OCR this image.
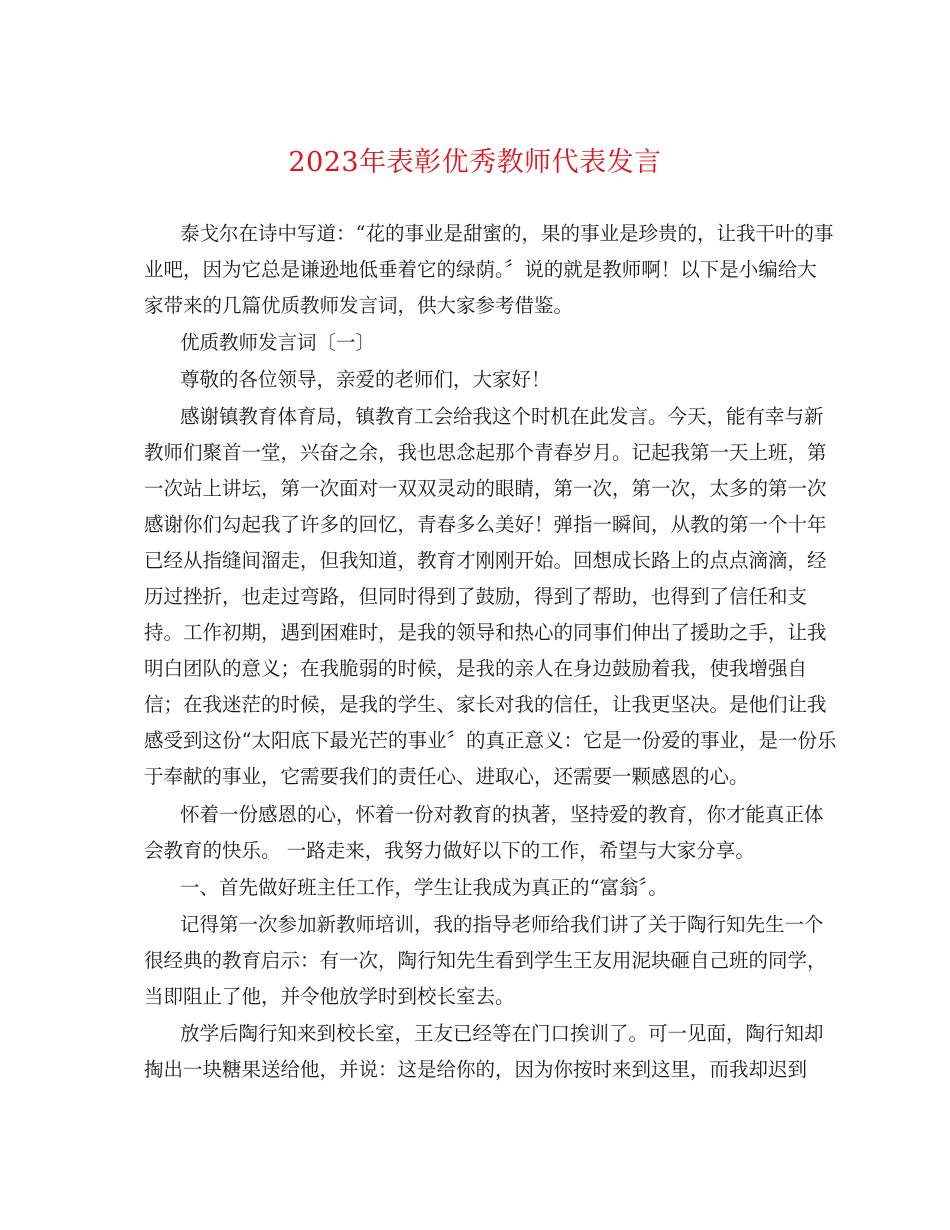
2023年表彰优秀教师代表发言

泰戈尔在诗中写道：“花的事业是甜蜜的，果的事业是珍贵的，让我干叶的事

业吧，因为它总是谦逊地低垂着它的绿荫。〞说的就是教师啊！以下是小编给大

家带来的几篇优质教师发言词，供大家参考借鉴。

优质教师发言词〔一〕

尊敬的各位领导，亲爱的老师们，大家好！

感谢镇教育体育局，镇教育工会给我这个时机在此发言。今天，能有幸与新

教师们聚首一堂，兴奋之余，我也思念起那个青春岁月。记起我第一天上班，第

一次站上讲坛，第一次面对一双双灵动的眼睛，第一次，第一次，太多的第一次

感谢你们勾起我了许多的回忆，青春多么美好！弹指一瞬间，从教的第一个十年

已经从指缝间溜走，但我知道，教育才刚刚开始。回想成长路上的点点滴滴，经

历过挫折，也走过弯路，但同时得到了鼓励，得到了帮助，也得到了信任和支

持。工作初期，遇到困难时，是我的领导和热心的同事们伸出了援助之手，让我

明白团队的意义；在我脆弱的时候，是我的亲人在身边鼓励着我，使我增强自

信；在我迷茫的时候，是我的学生、家长对我的信任，让我更坚决。是他们让我

感受到这份“太阳底下最光芒的事业〞的真正意义：它是一份爱的事业，是一份乐

于奉献的事业，它需要我们的责任心、进取心，还需要一颗感恩的心。

怀着一份感恩的心，怀着一份对教育的执著，坚持爱的教育，你才能真正体

会教育的快乐。 一路走来，我努力做好以下的工作，希望与大家分享。

一、首先做好班主任工作，学生让我成为真正的“富翁〞。

记得第一次参加新教师培训，我的指导老师给我们讲了关于陶行知先生一个

很经典的教育启示：有一次，陶行知先生看到学生王友用泥块砸自己班的同学，

当即阻止了他，并令他放学时到校长室去。

放学后陶行知来到校长室，王友已经等在门口挨训了。可一见面，陶行知却

掏出一块糖果送给他，并说：这是给你的，因为你按时来到这里，而我却迟到
